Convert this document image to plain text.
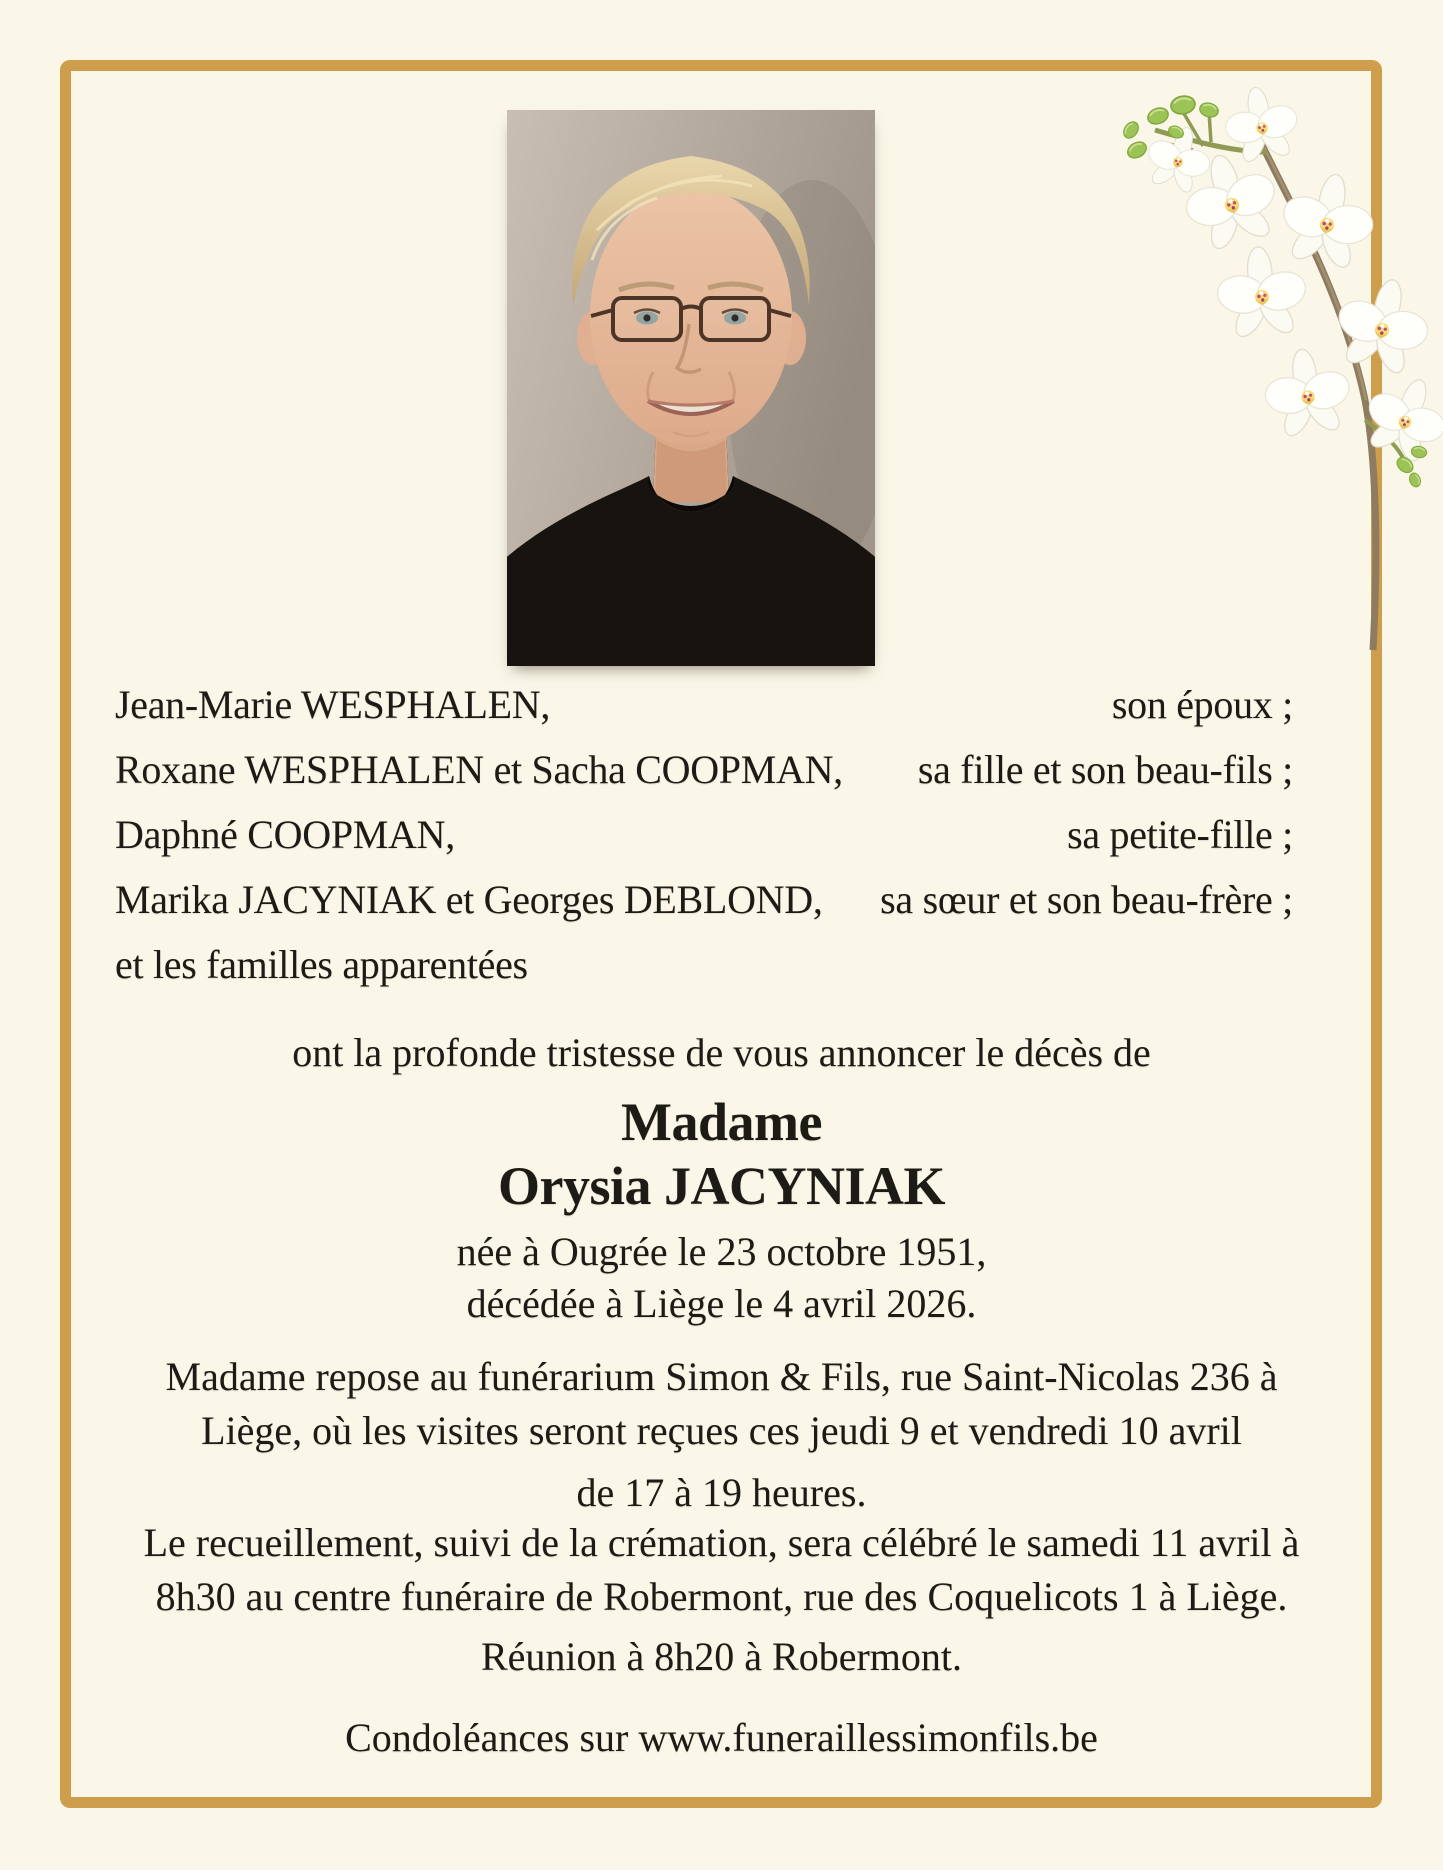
Jean-Marie WESPHALEN,	son époux ;
Roxane WESPHALEN et Sacha COOPMAN, sa fille et son beau-fils ;
Daphné COOPMAN,	sa petite-fille ;
Marika JACYNIAK et Georges DEBLOND, sa sœur et son beau-frère ;
et les familles apparentées
ont la profonde tristesse de vous annoncer le décès de
Madame
Orysia JACYNIAK
née à Ougrée le 23 octobre 1951,
décédée à Liège le 4 avril 2026.
Madame repose au funérarium Simon & Fils, rue Saint-Nicolas 236 à
Liège, où les visites seront reçues ces jeudi 9 et vendredi 10 avril
de 17 à 19 heures.
Le recueillement, suivi de la crémation, sera célébré le samedi 11 avril à
8h30 au centre funéraire de Robermont, rue des Coquelicots 1 à Liège.
Réunion à 8h20 à Robermont.
Condoléances sur www.funeraillessimonfils.be
